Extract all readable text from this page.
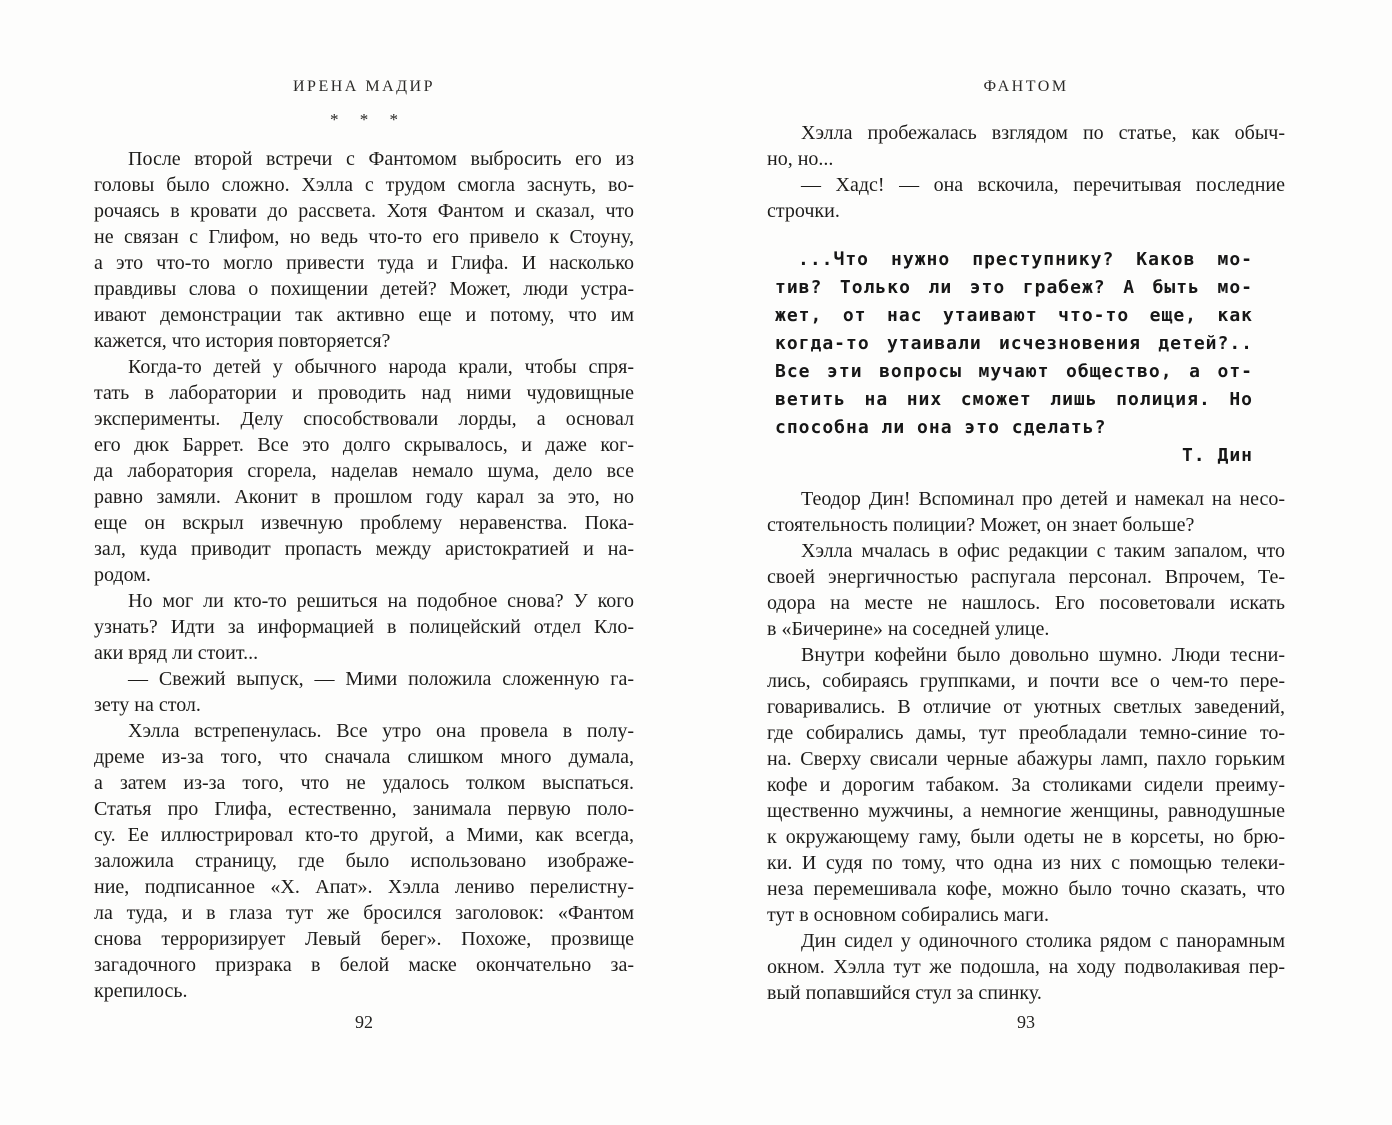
ИРЕНА МАДИР
* * *
После второй встречи с Фантомом выбросить его из
головы было сложно. Хэлла с трудом смогла заснуть, во-
рочаясь в кровати до рассвета. Хотя Фантом и сказал, что
не связан с Глифом, но ведь что-то его привело к Стоуну,
а это что-то могло привести туда и Глифа. И насколько
правдивы слова о похищении детей? Может, люди устра-
ивают демонстрации так активно еще и потому, что им
кажется, что история повторяется?
Когда-то детей у обычного народа крали, чтобы спря-
тать в лаборатории и проводить над ними чудовищные
эксперименты. Делу способствовали лорды, а основал
его дюк Баррет. Все это долго скрывалось, и даже ког-
да лаборатория сгорела, наделав немало шума, дело все
равно замяли. Аконит в прошлом году карал за это, но
еще он вскрыл извечную проблему неравенства. Пока-
зал, куда приводит пропасть между аристократией и на-
родом.
Но мог ли кто-то решиться на подобное снова? У кого
узнать? Идти за информацией в полицейский отдел Кло-
аки вряд ли стоит...
— Свежий выпуск, — Мими положила сложенную га-
зету на стол.
Хэлла встрепенулась. Все утро она провела в полу-
дреме из-за того, что сначала слишком много думала,
а затем из-за того, что не удалось толком выспаться.
Статья про Глифа, естественно, занимала первую поло-
су. Ее иллюстрировал кто-то другой, а Мими, как всегда,
заложила страницу, где было использовано изображе-
ние, подписанное «Х. Апат». Хэлла лениво перелистну-
ла туда, и в глаза тут же бросился заголовок: «Фантом
снова терроризирует Левый берег». Похоже, прозвище
загадочного призрака в белой маске окончательно за-
крепилось.
92
ФАНТОМ
Хэлла пробежалась взглядом по статье, как обыч-
но, но...
— Хадс! — она вскочила, перечитывая последние
строчки.
...Что нужно преступнику? Каков мо-
тив? Только ли это грабеж? А быть мо-
жет, от нас утаивают что-то еще, как
когда-то утаивали исчезновения детей?..
Все эти вопросы мучают общество, а от-
ветить на них сможет лишь полиция. Но
способна ли она это сделать?
Т. Дин
Теодор Дин! Вспоминал про детей и намекал на несо-
стоятельность полиции? Может, он знает больше?
Хэлла мчалась в офис редакции с таким запалом, что
своей энергичностью распугала персонал. Впрочем, Те-
одора на месте не нашлось. Его посоветовали искать
в «Бичерине» на соседней улице.
Внутри кофейни было довольно шумно. Люди тесни-
лись, собираясь группками, и почти все о чем-то пере-
говаривались. В отличие от уютных светлых заведений,
где собирались дамы, тут преобладали темно-синие то-
на. Сверху свисали черные абажуры ламп, пахло горьким
кофе и дорогим табаком. За столиками сидели преиму-
щественно мужчины, а немногие женщины, равнодушные
к окружающему гаму, были одеты не в корсеты, но брю-
ки. И судя по тому, что одна из них с помощью телеки-
неза перемешивала кофе, можно было точно сказать, что
тут в основном собирались маги.
Дин сидел у одиночного столика рядом с панорамным
окном. Хэлла тут же подошла, на ходу подволакивая пер-
вый попавшийся стул за спинку.
93
